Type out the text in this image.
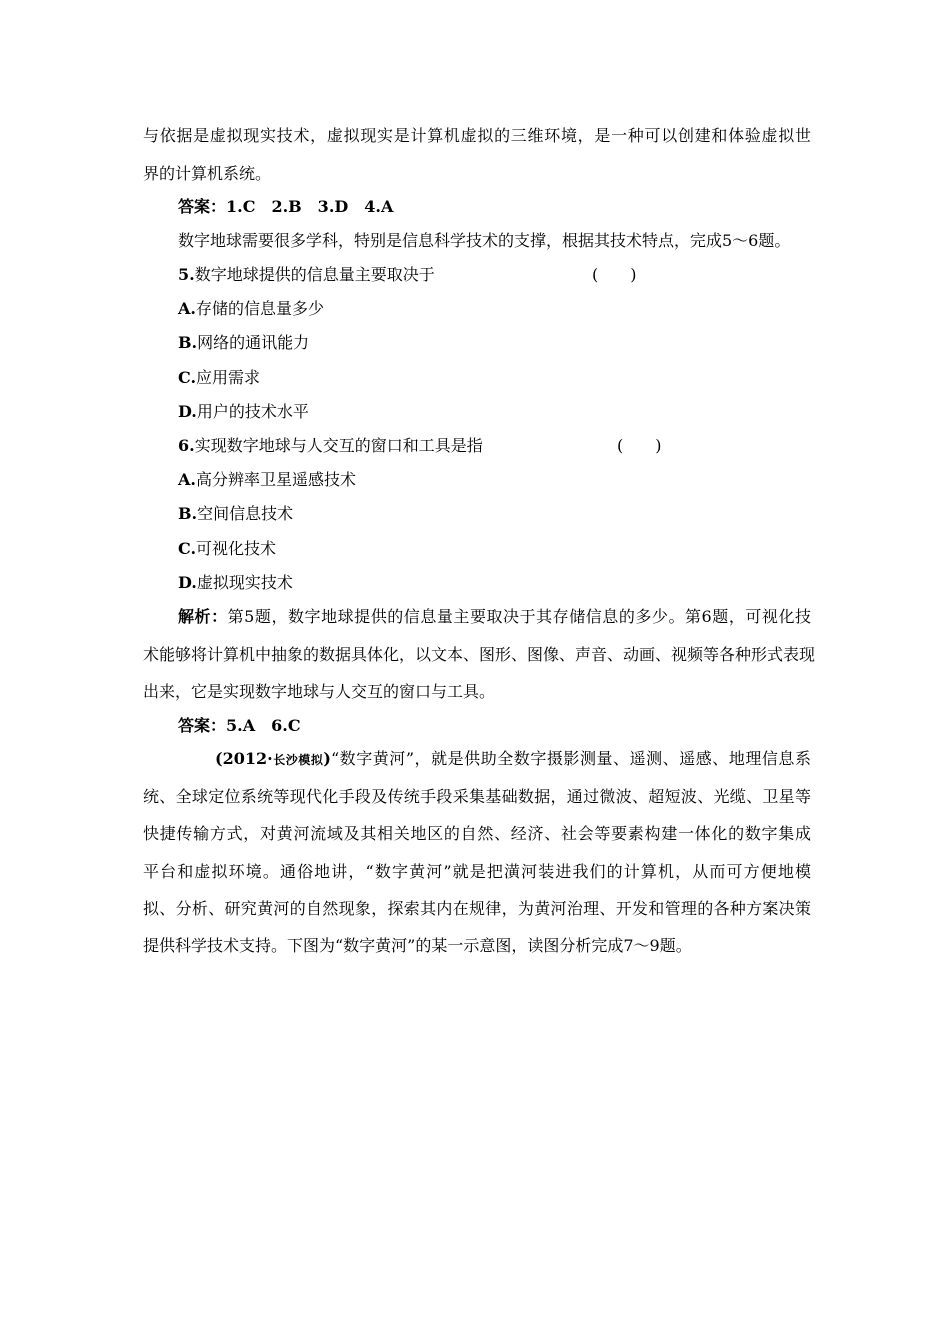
与依据是虚拟现实技术，虚拟现实是计算机虚拟的三维环境，是一种可以创建和体验虚拟世
界的计算机系统。
答案：1.C　2.B　3.D　4.A
数字地球需要很多学科，特别是信息科学技术的支撑，根据其技术特点，完成5～6题。
5.数字地球提供的信息量主要取决于	(　　)
A.存储的信息量多少
B.网络的通讯能力
C.应用需求
D.用户的技术水平
6.实现数字地球与人交互的窗口和工具是指	(　　)
A.高分辨率卫星遥感技术
B.空间信息技术
C.可视化技术
D.虚拟现实技术
解析：第5题，数字地球提供的信息量主要取决于其存储信息的多少。第6题，可视化技
术能够将计算机中抽象的数据具体化，以文本、图形、图像、声音、动画、视频等各种形式表现
出来，它是实现数字地球与人交互的窗口与工具。
答案：5.A　6.C
(2012·长沙模拟)“数字黄河”，就是供助全数字摄影测量、遥测、遥感、地理信息系
统、全球定位系统等现代化手段及传统手段采集基础数据，通过微波、超短波、光缆、卫星等
快捷传输方式，对黄河流域及其相关地区的自然、经济、社会等要素构建一体化的数字集成
平台和虚拟环境。通俗地讲，“数字黄河”就是把潢河装进我们的计算机，从而可方便地模
拟、分析、研究黄河的自然现象，探索其内在规律，为黄河治理、开发和管理的各种方案决策
提供科学技术支持。下图为“数字黄河”的某一示意图，读图分析完成7～9题。
